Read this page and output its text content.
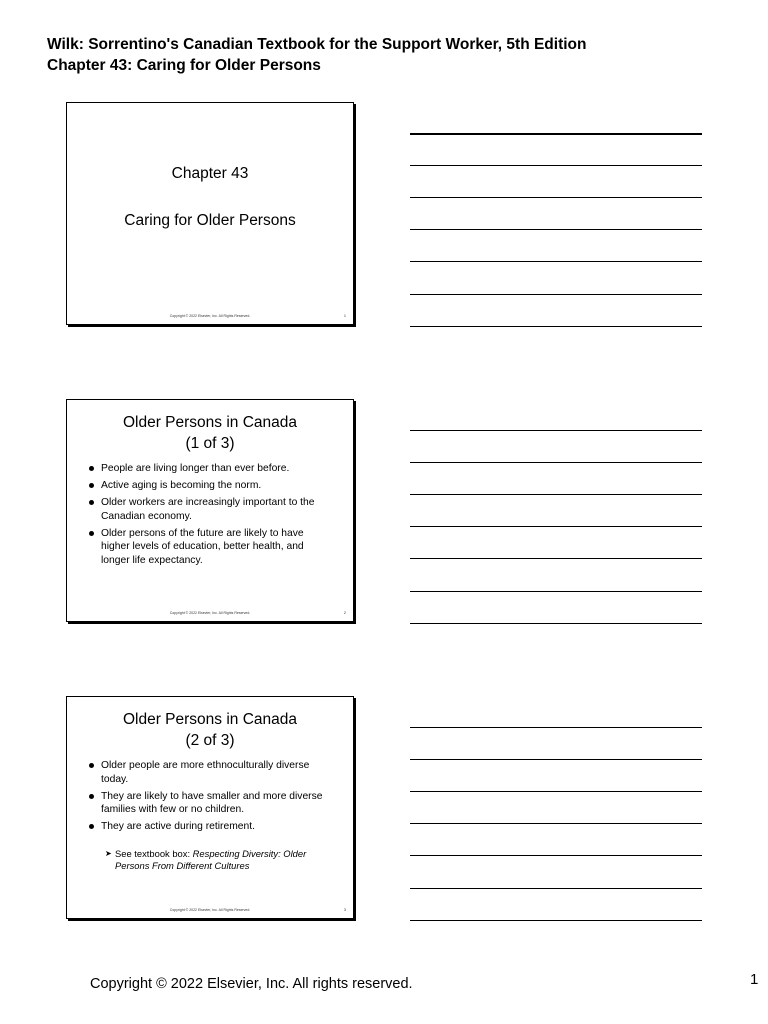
Wilk: Sorrentino's Canadian Textbook for the Support Worker, 5th Edition
Chapter 43: Caring for Older Persons
Chapter 43
Caring for Older Persons
Copyright © 2022 Elsevier, Inc. All Rights Reserved.	1
Older Persons in Canada
(1 of 3)
People are living longer than ever before.
Active aging is becoming the norm.
Older workers are increasingly important to the Canadian economy.
Older persons of the future are likely to have higher levels of education, better health, and longer life expectancy.
Copyright © 2022 Elsevier, Inc. All Rights Reserved.	2
Older Persons in Canada
(2 of 3)
Older people are more ethnoculturally diverse today.
They are likely to have smaller and more diverse families with few or no children.
They are active during retirement.
➤ See textbook box: Respecting Diversity: Older Persons From Different Cultures
Copyright © 2022 Elsevier, Inc. All Rights Reserved.	3
Copyright © 2022 Elsevier, Inc. All rights reserved.	1
